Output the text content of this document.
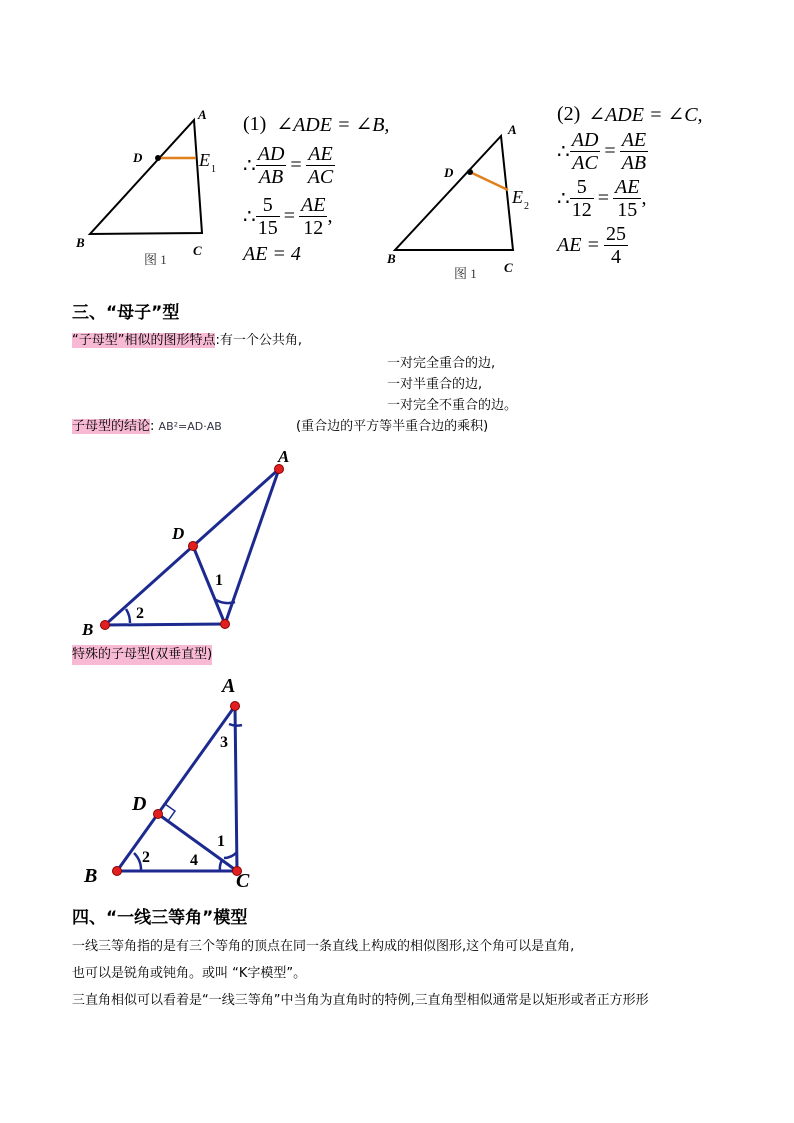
A
D	E 1
B
C
图 1
(1) ∠ADE = ∠B,
∴ $\frac{AD}{AB} = \frac{AE}{AC}$
∴ $\frac{5}{15} = \frac{AE}{12}$ ,
AE = 4
A
D
E 2
B
C
图 1
(2) ∠ADE = ∠C,
∴ $\frac{AD}{AC} = \frac{AE}{AB}$
∴ $\frac{5}{12} = \frac{AE}{15}$ ,
AE = $\frac{25}{4}$
三、“母子”型
“子母型”相似的图形特点:有一个公共角,
一对完全重合的边,
一对半重合的边,
一对完全不重合的边。
子母型的结论: AB²=AD·AB	(重合边的平方等半重合边的乘积)
A
D
B
1
2
特殊的子母型(双垂直型)
A
D
B	C
1
2
3
4
四、“一线三等角”模型
一线三等角指的是有三个等角的顶点在同一条直线上构成的相似图形,这个角可以是直角,
也可以是锐角或钝角。或叫 “K字模型”。
三直角相似可以看着是“一线三等角”中当角为直角时的特例,三直角型相似通常是以矩形或者正方形形
